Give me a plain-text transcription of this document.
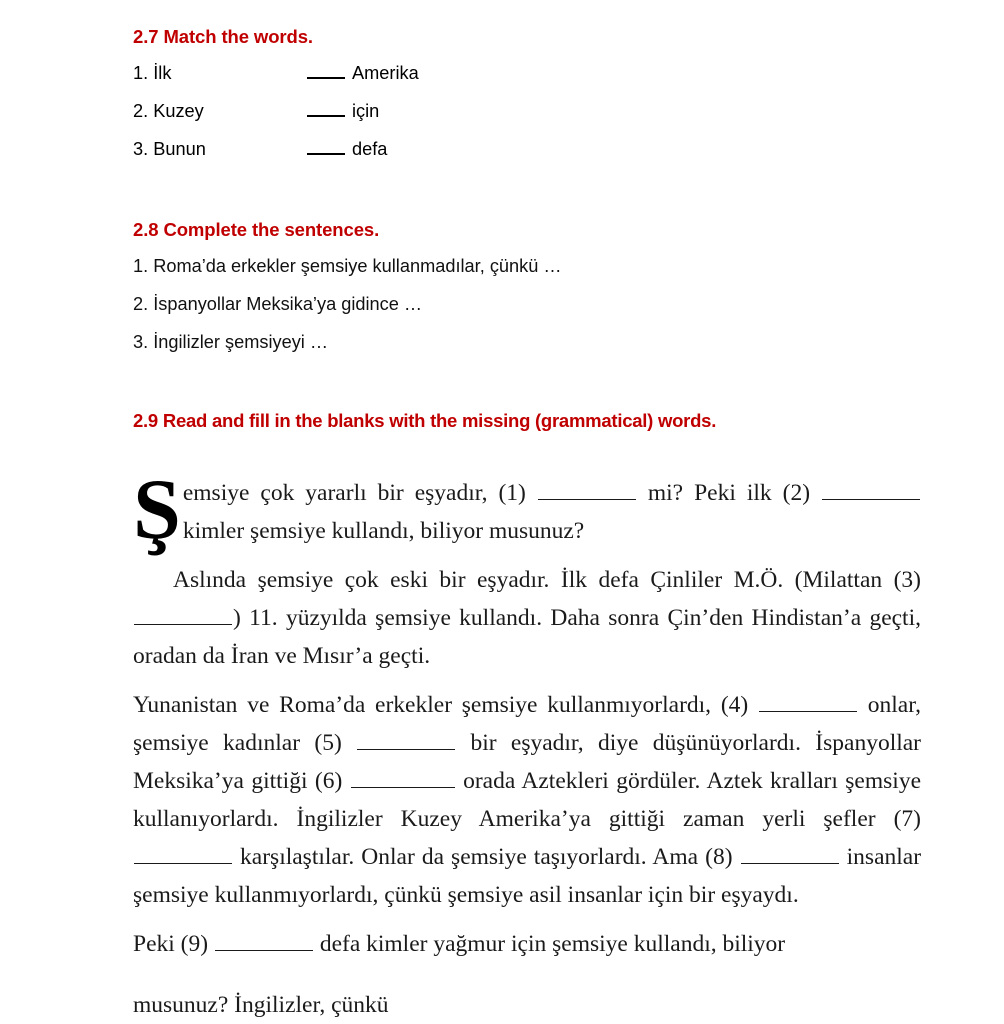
2.7 Match the words.
1. İlk	Amerika
2. Kuzey	için
3. Bunun	defa
2.8 Complete the sentences.
1. Roma’da erkekler şemsiye kullanmadılar, çünkü …
2. İspanyollar Meksika’ya gidince …
3. İngilizler şemsiyeyi …
2.9 Read and fill in the blanks with the missing (grammatical) words.

Şemsiye çok yararlı bir eşyadır, (1)	mi? Peki ilk (2)  kimler şemsiye kullandı, biliyor musunuz?

Aslında şemsiye çok eski bir eşyadır. İlk defa Çinliler M.Ö. (Milattan (3) ) 11. yüzyılda şemsiye kullandı. Daha sonra Çin’den Hindistan’a geçti, oradan da İran ve Mısır’a geçti.

Yunanistan ve Roma’da erkekler şemsiye kullanmıyorlardı, (4)	onlar, şemsiye kadınlar (5)	bir eşyadır, diye düşünüyorlardı. İspanyollar Meksika’ya gittiği (6)	orada Aztekleri gördüler. Aztek kralları şemsiye kullanıyorlardı. İngilizler Kuzey Amerika’ya gittiği zaman yerli şefler (7)  karşılaştılar. Onlar da şemsiye taşıyorlardı. Ama (8)	insanlar şemsiye kullanmıyorlardı, çünkü şemsiye asil insanlar için bir eşyaydı.

Peki (9)	defa kimler yağmur için şemsiye kullandı, biliyor

musunuz? İngilizler, çünkü
